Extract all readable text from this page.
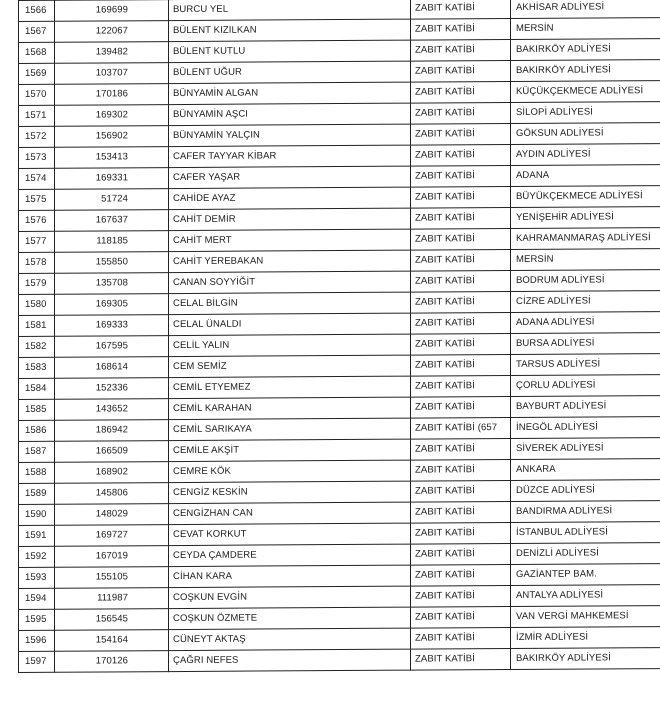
1566	169699	BURCU YEL	ZABIT KATİBİ	AKHİSAR ADLİYESİ
1567	122067	BÜLENT KIZILKAN	ZABIT KATİBİ	MERSİN
1568	139482	BÜLENT KUTLU	ZABIT KATİBİ	BAKIRKÖY ADLİYESİ
1569	103707	BÜLENT UĞUR	ZABIT KATİBİ	BAKIRKÖY ADLİYESİ
1570	170186	BÜNYAMİN ALGAN	ZABIT KATİBİ	KÜÇÜKÇEKMECE ADLİYESİ
1571	169302	BÜNYAMİN AŞCI	ZABIT KATİBİ	SİLOPİ ADLİYESİ
1572	156902	BÜNYAMİN YALÇIN	ZABIT KATİBİ	GÖKSUN ADLİYESİ
1573	153413	CAFER TAYYAR KİBAR	ZABIT KATİBİ	AYDIN ADLİYESİ
1574	169331	CAFER YAŞAR	ZABIT KATİBİ	ADANA
1575	51724	CAHİDE AYAZ	ZABIT KATİBİ	BÜYÜKÇEKMECE ADLİYESİ
1576	167637	CAHİT DEMİR	ZABIT KATİBİ	YENİŞEHİR ADLİYESİ
1577	118185	CAHİT MERT	ZABIT KATİBİ	KAHRAMANMARAŞ ADLİYESİ
1578	155850	CAHİT YEREBAKAN	ZABIT KATİBİ	MERSİN
1579	135708	CANAN SOYYİĞİT	ZABIT KATİBİ	BODRUM ADLİYESİ
1580	169305	CELAL BİLGİN	ZABIT KATİBİ	CİZRE ADLİYESİ
1581	169333	CELAL ÜNALDI	ZABIT KATİBİ	ADANA ADLİYESİ
1582	167595	CELİL YALIN	ZABIT KATİBİ	BURSA ADLİYESİ
1583	168614	CEM SEMİZ	ZABIT KATİBİ	TARSUS ADLİYESİ
1584	152336	CEMİL ETYEMEZ	ZABIT KATİBİ	ÇORLU ADLİYESİ
1585	143652	CEMİL KARAHAN	ZABIT KATİBİ	BAYBURT ADLİYESİ
1586	186942	CEMİL SARIKAYA	ZABIT KATİBİ (657	İNEGÖL ADLİYESİ
1587	166509	CEMİLE AKŞİT	ZABIT KATİBİ	SİVEREK ADLİYESİ
1588	168902	CEMRE KÖK	ZABIT KATİBİ	ANKARA
1589	145806	CENGİZ KESKİN	ZABIT KATİBİ	DÜZCE ADLİYESİ
1590	148029	CENGİZHAN CAN	ZABIT KATİBİ	BANDIRMA ADLİYESİ
1591	169727	CEVAT KORKUT	ZABIT KATİBİ	İSTANBUL ADLİYESİ
1592	167019	CEYDA ÇAMDERE	ZABIT KATİBİ	DENİZLİ ADLİYESİ
1593	155105	CİHAN KARA	ZABIT KATİBİ	GAZİANTEP BAM.
1594	111987	COŞKUN EVGİN	ZABIT KATİBİ	ANTALYA ADLİYESİ
1595	156545	COŞKUN ÖZMETE	ZABIT KATİBİ	VAN VERGİ MAHKEMESİ
1596	154164	CÜNEYT AKTAŞ	ZABIT KATİBİ	İZMİR ADLİYESİ
1597	170126	ÇAĞRI NEFES	ZABIT KATİBİ	BAKIRKÖY ADLİYESİ
